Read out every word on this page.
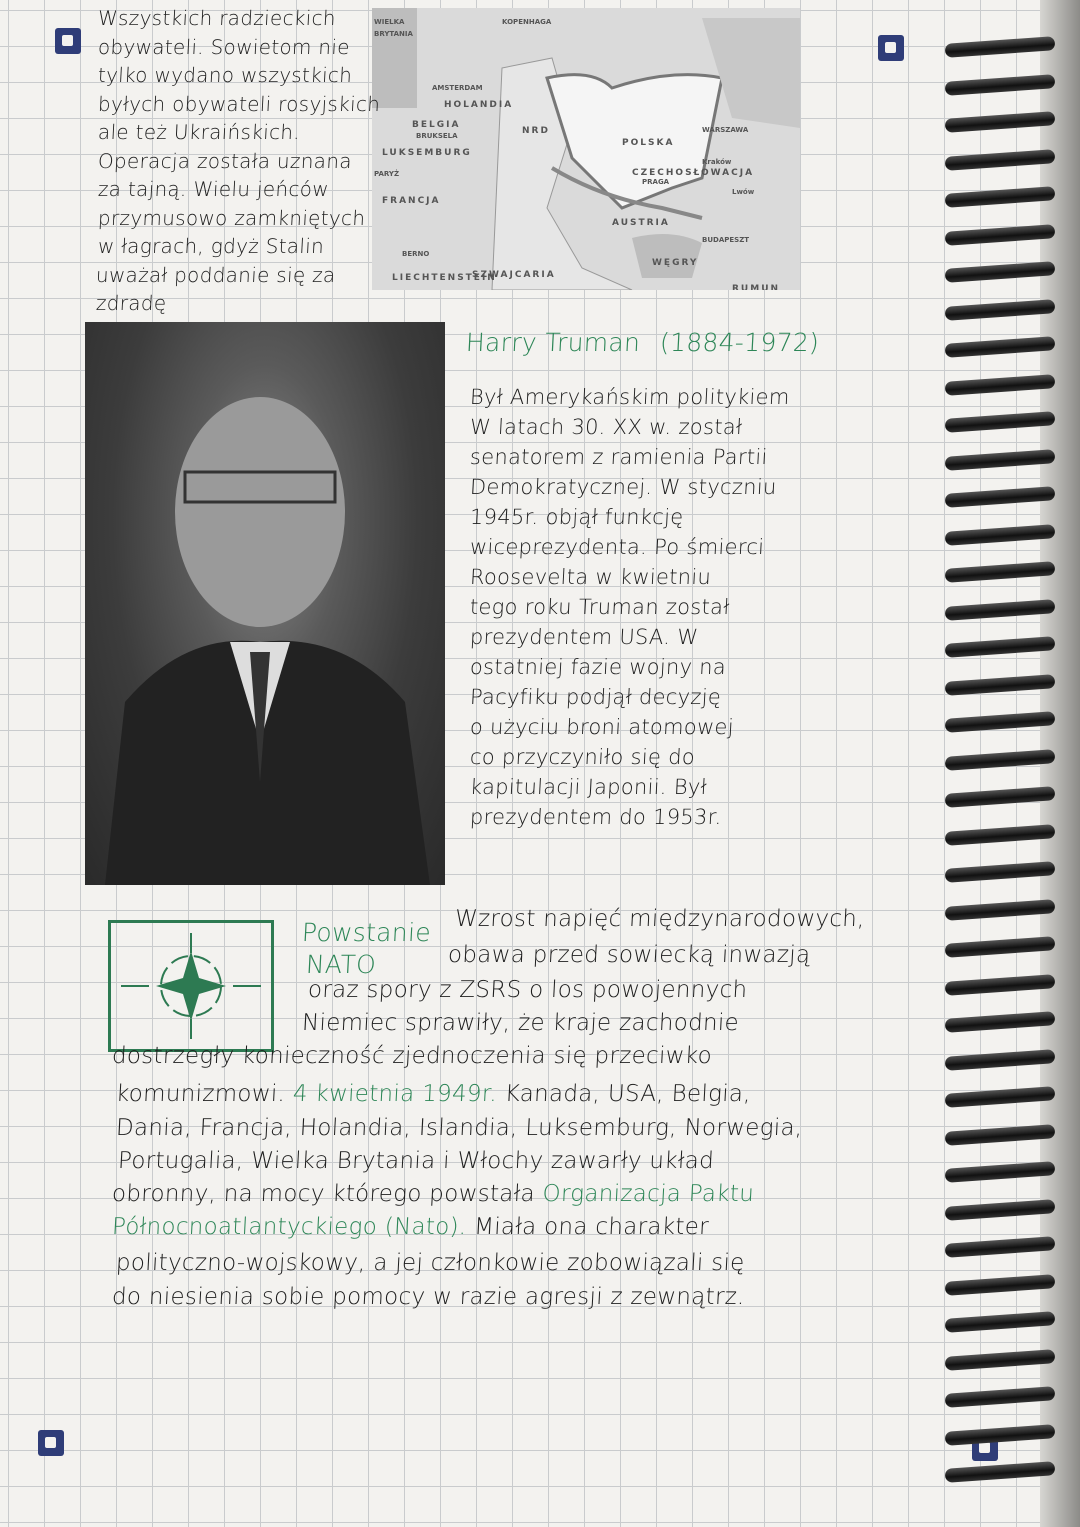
WIELKA
BRYTANIA
AMSTERDAM
HOLANDIA
BELGIA
BRUKSELA
LUKSEMBURG
PARYŻ
FRANCJA
BERNO
LIECHTENSTEIN
SZWAJCARIA
NRD
POLSKA
WARSZAWA
PRAGA
CZECHOSŁOWACJA
AUSTRIA
WĘGRY
BUDAPESZT
RUMUN
KOPENHAGA
Kraków
Lwów
Harry Truman (1884-1972)
Powstanie
NATO
Wzrost napięć międzynarodowych,
obawa przed sowiecką inwazją
oraz spory z ZSRS o los powojennych
Niemiec sprawiły, że kraje zachodnie
dostrzegły konieczność zjednoczenia się przeciwko
komunizmowi. 4 kwietnia 1949r. Kanada, USA, Belgia,
Dania, Francja, Holandia, Islandia, Luksemburg, Norwegia,
Portugalia, Wielka Brytania i Włochy zawarły układ
obronny, na mocy którego powstała Organizacja Paktu
Północnoatlantyckiego (Nato). Miała ona charakter
polityczno-wojskowy, a jej członkowie zobowiązali się
do niesienia sobie pomocy w razie agresji z zewnątrz.
Wszystkich radzieckich
obywateli. Sowietom nie
tylko wydano wszystkich
byłych obywateli rosyjskich
ale też Ukraińskich.
Operacja została uznana
za tajną. Wielu jeńców
przymusowo zamkniętych
w łagrach, gdyż Stalin
uważał poddanie się za
zdradę
Był Amerykańskim politykiem
W latach 30. XX w. został
senatorem z ramienia Partii
Demokratycznej. W styczniu
1945r. objął funkcję
wiceprezydenta. Po śmierci
Roosevelta w kwietniu
tego roku Truman został
prezydentem USA. W
ostatniej fazie wojny na
Pacyfiku podjął decyzję
o użyciu broni atomowej
co przyczyniło się do
kapitulacji Japonii. Był
prezydentem do 1953r.
